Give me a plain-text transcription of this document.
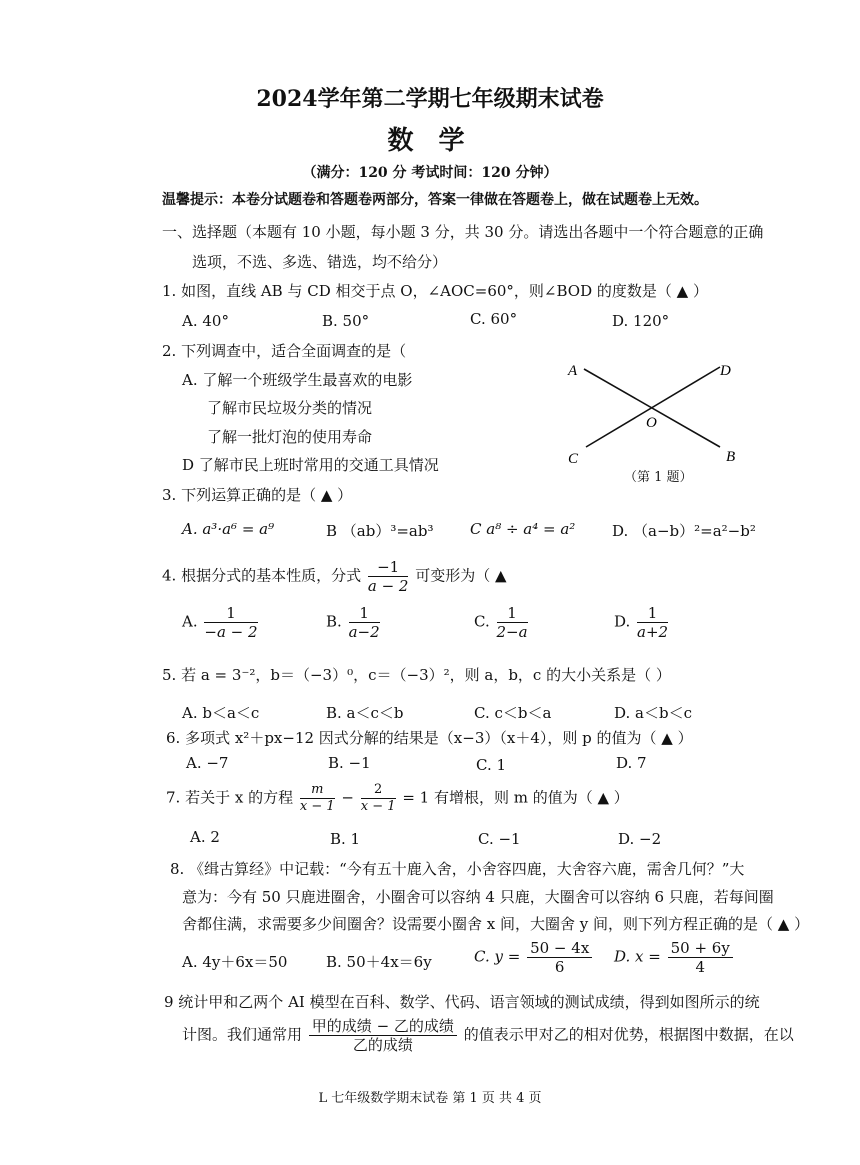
2024学年第二学期七年级期末试卷
数 学
（满分：120 分 考试时间：120 分钟）
温馨提示：本卷分试题卷和答题卷两部分，答案一律做在答题卷上，做在试题卷上无效。
一、选择题（本题有 10 小题，每小题 3 分，共 30 分。请选出各题中一个符合题意的正确
选项，不选、多选、错选，均不给分）
1. 如图，直线 AB 与 CD 相交于点 O，∠AOC=60°，则∠BOD 的度数是（ ▲ ）
A. 40°	B. 50°	C. 60°	D. 120°
A	D
O
C	B
（第 1 题）
2. 下列调查中，适合全面调查的是（
A. 了解一个班级学生最喜欢的电影
了解市民垃圾分类的情况
了解一批灯泡的使用寿命
D 了解市民上班时常用的交通工具情况
3. 下列运算正确的是（ ▲ ）
A. a³·a⁶ = a⁹	B （ab）³=ab³ C a⁸ ÷ a⁴ = a² D. （a−b）²=a²−b²
4. 根据分式的基本性质，分式 $\frac{-1}{a - 2}$ 可变形为（ ▲
A. $\frac{1}{-a - 2}$	B. $\frac{1}{a-2}$	C. $\frac{1}{2-a}$	D. $\frac{1}{a+2}$
5. 若 a = 3⁻²，b＝（−3）⁰，c＝（−3）²，则 a，b，c 的大小关系是（ ）
A. b＜a＜c	B. a＜c＜b	C. c＜b＜a	D. a＜b＜c
6. 多项式 x²＋px−12 因式分解的结果是（x−3）（x＋4），则 p 的值为（ ▲ ）
A. −7	B. −1	C. 1	D. 7
7. 若关于 x 的方程 $\frac{m}{x - 1} - \frac{2}{x - 1} = 1$ 有增根，则 m 的值为（ ▲ ）
A. 2	B. 1	C. −1	D. −2
8. 《缉古算经》中记载：“今有五十鹿入舍，小舍容四鹿，大舍容六鹿，需舍几何？”大
意为：今有 50 只鹿进圈舍，小圈舍可以容纳 4 只鹿，大圈舍可以容纳 6 只鹿，若每间圈
舍都住满，求需要多少间圈舍？设需要小圈舍 x 间，大圈舍 y 间，则下列方程正确的是（ ▲ ）
A. 4y＋6x＝50	B. 50＋4x＝6y	C. $y = \frac{50 - 4x}{6} D$. $x = \frac{50 + 6y}{4}$
9 统计甲和乙两个 AI 模型在百科、数学、代码、语言领域的测试成绩，得到如图所示的统
计图。我们通常用 $\frac{\text{甲的成绩 − 乙的成绩}}{\text{乙的成绩}}$ 的值表示甲对乙的相对优势，根据图中数据，在以
L 七年级数学期末试卷 第 1 页 共 4 页
